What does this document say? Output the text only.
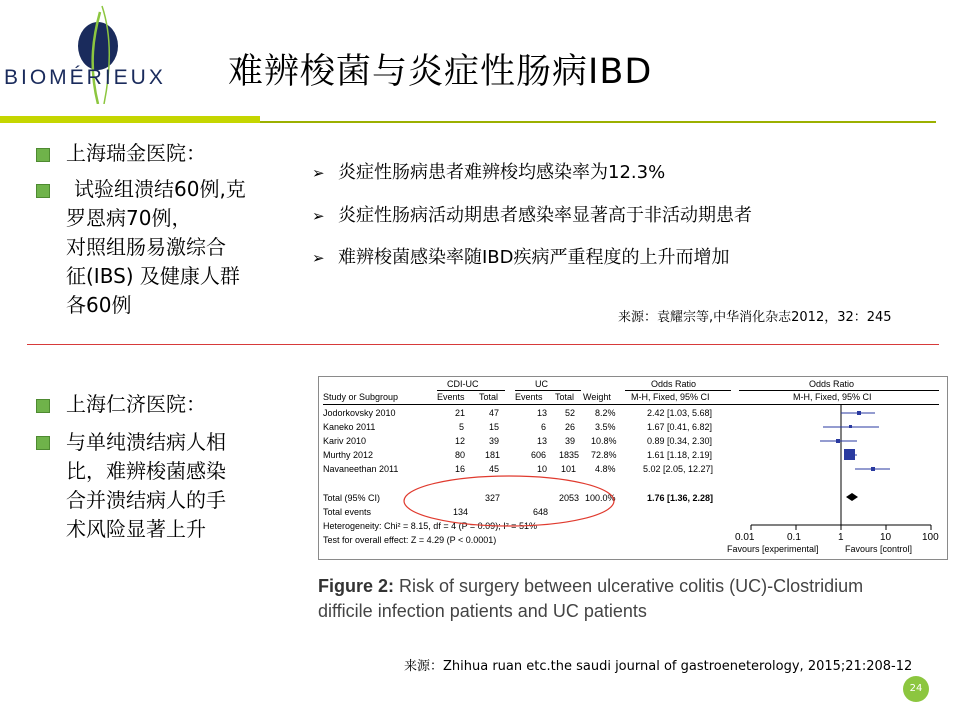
BIOMÉRIEUX 难辨梭菌与炎症性肠病IBD
上海瑞金医院：
试验组溃结60例,克
罗恩病70例，
对照组肠易激综合
征(IBS) 及健康人群
各60例
➢ 炎症性肠病患者难辨梭均感染率为12.3%
➢ 炎症性肠病活动期患者感染率显著高于非活动期患者
➢ 难辨梭菌感染率随IBD疾病严重程度的上升而增加
来源：袁耀宗等,中华消化杂志2012，32：245
上海仁济医院：
与单纯溃结病人相
比，难辨梭菌感染
合并溃结病人的手
术风险显著上升
CDI-UC	UC	Odds Ratio	Odds Ratio
Study or Subgroup	Events Total Events Total Weight M-H, Fixed, 95% CI	M-H, Fixed, 95% CI
Jodorkovsky 2010	21	47	13 52 8.2%	2.42 [1.03, 5.68]
Kaneko 2011	5	15	6 26 3.5%	1.67 [0.41, 6.82]
Kariv 2010	12	39	13 39 10.8%	0.89 [0.34, 2.30]
Murthy 2012	80 181	606 1835 72.8%	1.61 [1.18, 2.19]
Navaneethan 2011	16	45	10 101 4.8%	5.02 [2.05, 12.27]
Total (95% CI)	327	2053 100.0%	1.76 [1.36, 2.28]
Total events	134	648
Heterogeneity: Chi² = 8.15, df = 4 (P = 0.09); I² = 51%
Test for overall effect: Z = 4.29 (P < 0.0001)	0.01	0.1	1	10	100
Favours [experimental]	Favours [control]
Figure 2: Risk of surgery between ulcerative colitis (UC)-Clostridium
difficile infection patients and UC patients
来源：Zhihua ruan etc.the saudi journal of gastroeneterology, 2015;21:208-12
24
